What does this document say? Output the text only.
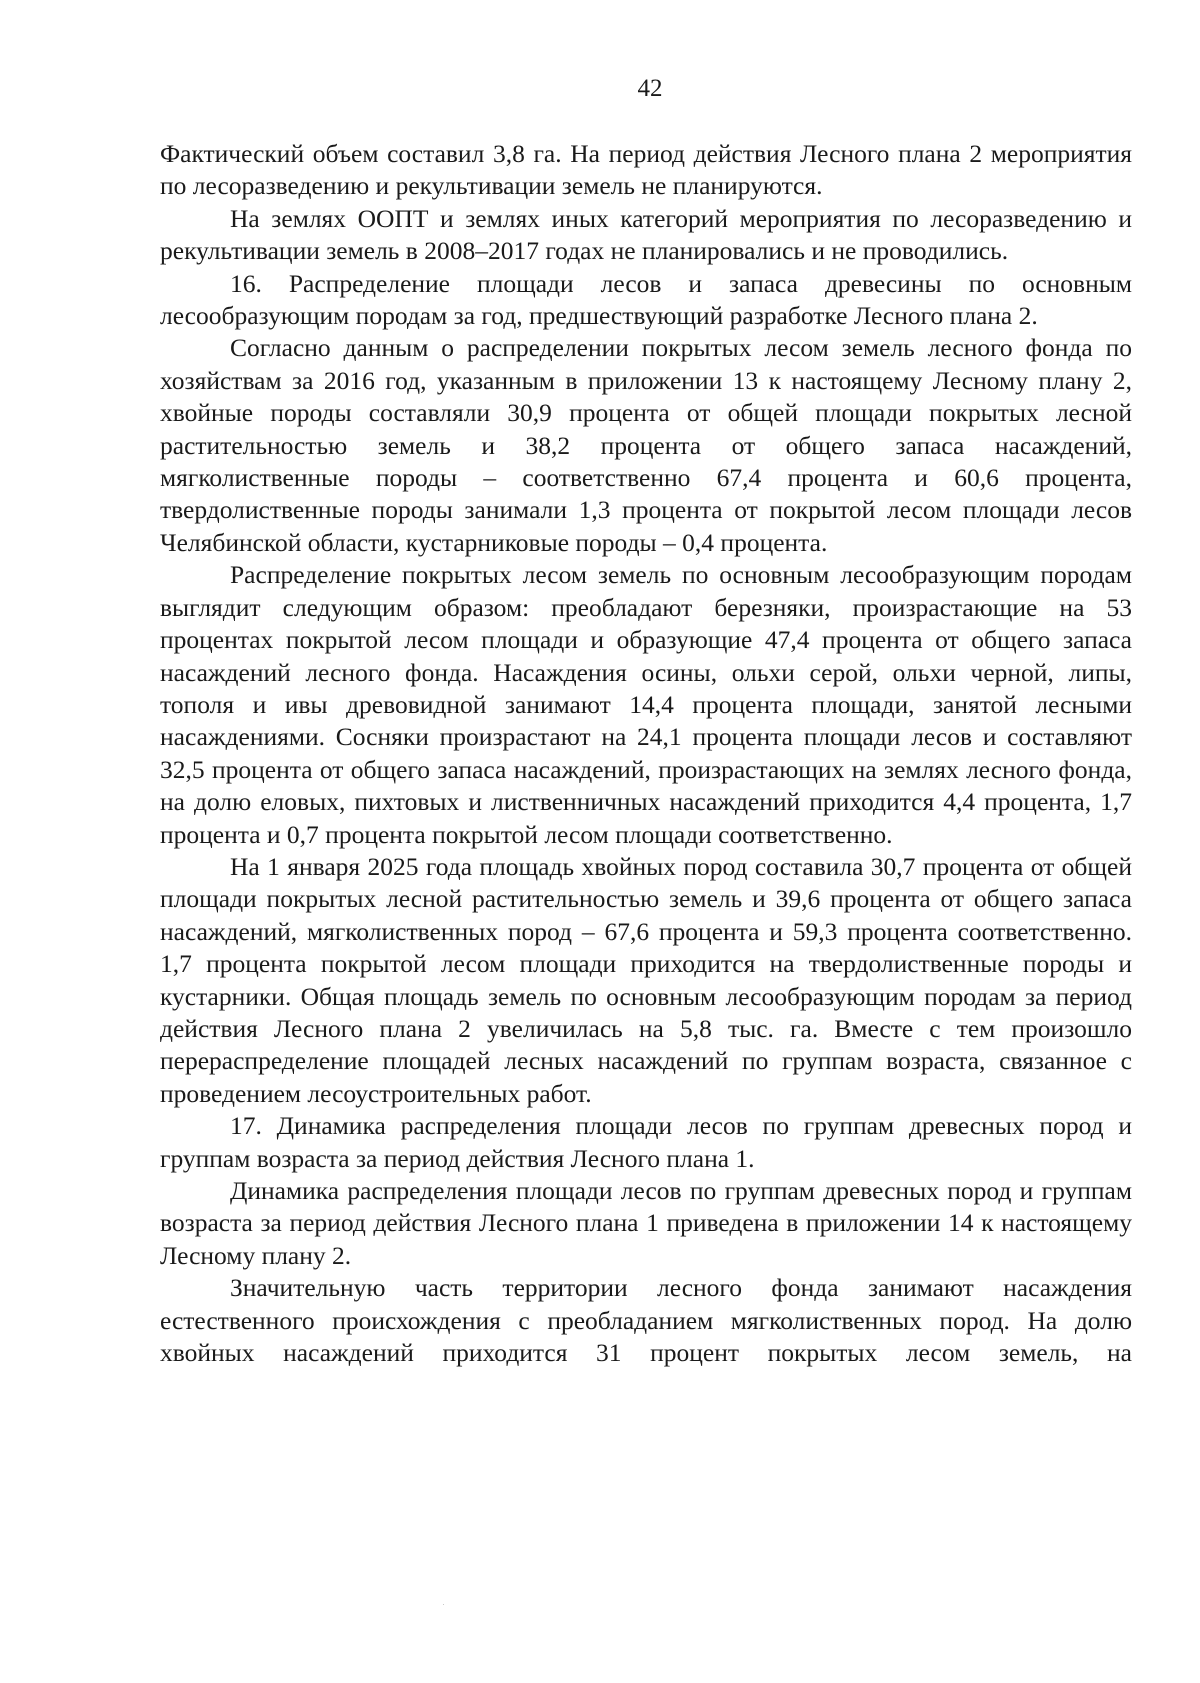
42

Фактический объем составил 3,8 га. На период действия Лесного плана 2 мероприятия по лесоразведению и рекультивации земель не планируются.

На землях ООПТ и землях иных категорий мероприятия по лесоразведению и рекультивации земель в 2008–2017 годах не планировались и не проводились.

16. Распределение площади лесов и запаса древесины по основным лесообразующим породам за год, предшествующий разработке Лесного плана 2.

Согласно данным о распределении покрытых лесом земель лесного фонда по хозяйствам за 2016 год, указанным в приложении 13 к настоящему Лесному плану 2, хвойные породы составляли 30,9 процента от общей площади покрытых лесной растительностью земель и 38,2 процента от общего запаса насаждений, мягколиственные породы – соответственно 67,4 процента и 60,6 процента, твердолиственные породы занимали 1,3 процента от покрытой лесом площади лесов Челябинской области, кустарниковые породы – 0,4 процента.

Распределение покрытых лесом земель по основным лесообразующим породам выглядит следующим образом: преобладают березняки, произрастающие на 53 процентах покрытой лесом площади и образующие 47,4 процента от общего запаса насаждений лесного фонда. Насаждения осины, ольхи серой, ольхи черной, липы, тополя и ивы древовидной занимают 14,4 процента площади, занятой лесными насаждениями. Сосняки произрастают на 24,1 процента площади лесов и составляют 32,5 процента от общего запаса насаждений, произрастающих на землях лесного фонда, на долю еловых, пихтовых и лиственничных насаждений приходится 4,4 процента, 1,7 процента и 0,7 процента покрытой лесом площади соответственно.

На 1 января 2025 года площадь хвойных пород составила 30,7 процента от общей площади покрытых лесной растительностью земель и 39,6 процента от общего запаса насаждений, мягколиственных пород – 67,6 процента и 59,3 процента соответственно. 1,7 процента покрытой лесом площади приходится на твердолиственные породы и кустарники. Общая площадь земель по основным лесообразующим породам за период действия Лесного плана 2 увеличилась на 5,8 тыс. га. Вместе с тем произошло перераспределение площадей лесных насаждений по группам возраста, связанное с проведением лесоустроительных работ.

17. Динамика распределения площади лесов по группам древесных пород и группам возраста за период действия Лесного плана 1.

Динамика распределения площади лесов по группам древесных пород и группам возраста за период действия Лесного плана 1 приведена в приложении 14 к настоящему Лесному плану 2.

Значительную часть территории лесного фонда занимают насаждения естественного происхождения с преобладанием мягколиственных пород. На долю хвойных насаждений приходится 31 процент покрытых лесом земель, на
